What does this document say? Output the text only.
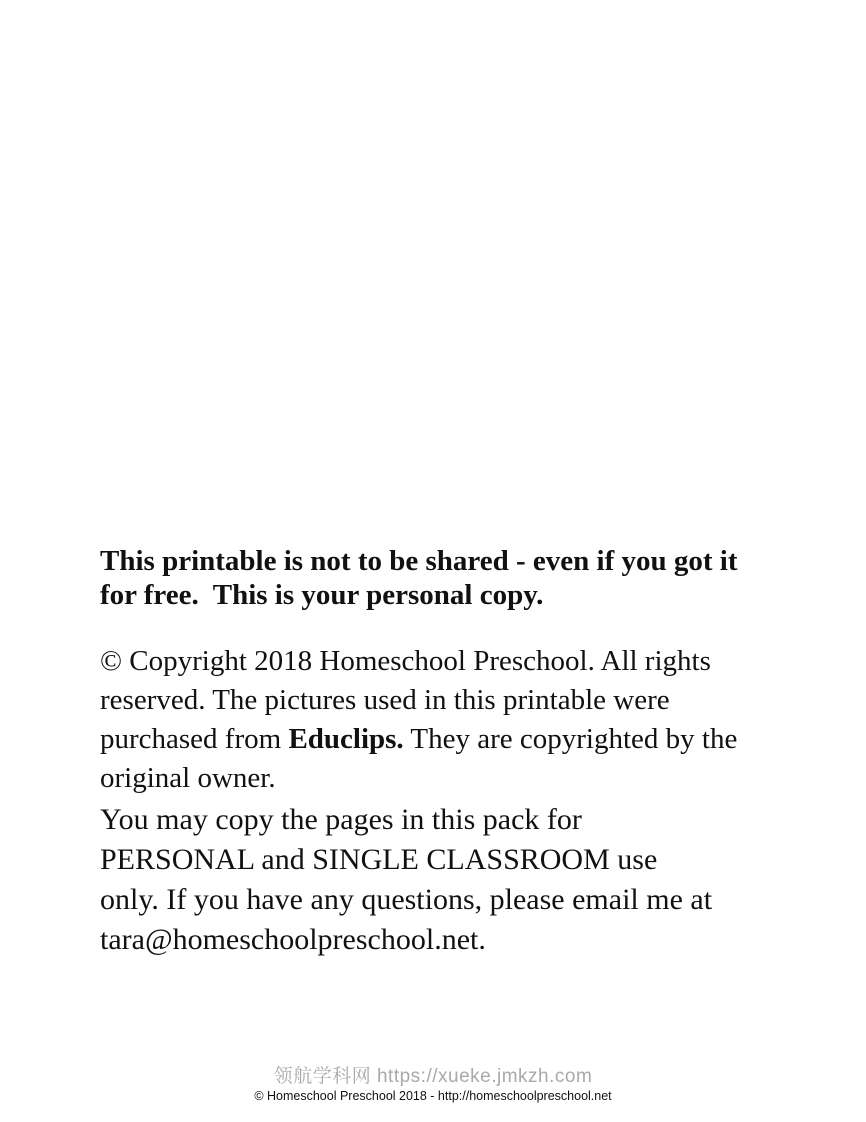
This printable is not to be shared - even if you got it
for free.  This is your personal copy.
© Copyright 2018 Homeschool Preschool. All rights
reserved. The pictures used in this printable were
purchased from Educlips. They are copyrighted by the
original owner.
You may copy the pages in this pack for
PERSONAL and SINGLE CLASSROOM use
only. If you have any questions, please email me at
tara@homeschoolpreschool.net.
领航学科网 https://xueke.jmkzh.com
© Homeschool Preschool 2018 - http://homeschoolpreschool.net
